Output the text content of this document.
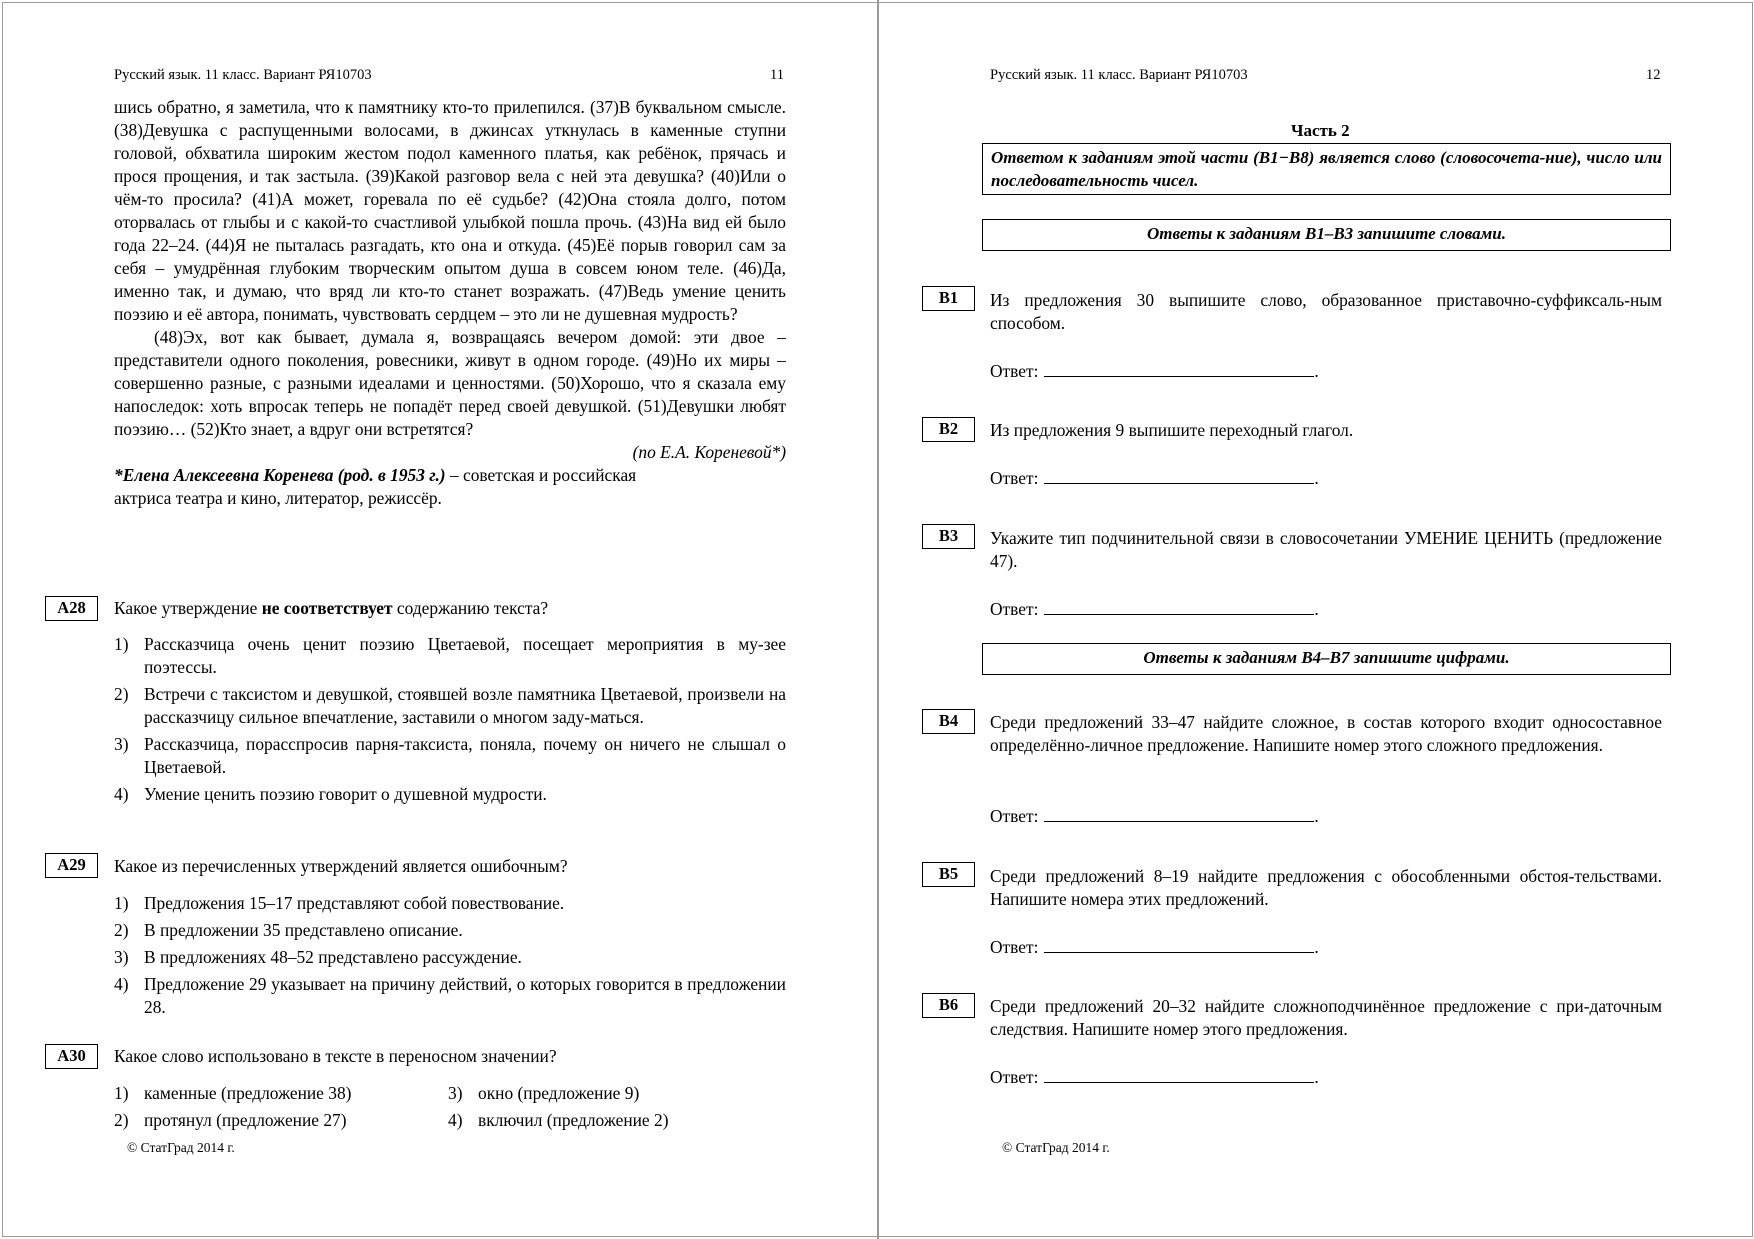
Русский язык. 11 класс. Вариант РЯ10703	11

шись обратно, я заметила, что к памятнику кто-то прилепился. (37)В буквальном смысле. (38)Девушка с распущенными волосами, в джинсах уткнулась в каменные ступни головой, обхватила широким жестом подол каменного платья, как ребёнок, прячась и прося прощения, и так застыла. (39)Какой разговор вела с ней эта девушка? (40)Или о чём-то просила? (41)А может, горевала по её судьбе? (42)Она стояла долго, потом оторвалась от глыбы и с какой-то счастливой улыбкой пошла прочь. (43)На вид ей было года 22–24. (44)Я не пыталась разгадать, кто она и откуда. (45)Её порыв говорил сам за себя – умудрённая глубоким творческим опытом душа в совсем юном теле. (46)Да, именно так, и думаю, что вряд ли кто-то станет возражать. (47)Ведь умение ценить поэзию и её автора, понимать, чувствовать сердцем – это ли не душевная мудрость?

(48)Эх, вот как бывает, думала я, возвращаясь вечером домой: эти двое – представители одного поколения, ровесники, живут в одном городе. (49)Но их миры – совершенно разные, с разными идеалами и ценностями. (50)Хорошо, что я сказала ему напоследок: хоть впросак теперь не попадёт перед своей девушкой. (51)Девушки любят поэзию… (52)Кто знает, а вдруг они встретятся?

(по Е.А. Кореневой*)

*Елена Алексеевна Коренева (род. в 1953 г.) – советская и российская
актриса театра и кино, литератор, режиссёр.

А28	Какое утверждение не соответствует содержанию текста?
1) Рассказчица очень ценит поэзию Цветаевой, посещает мероприятия в му-зее поэтессы.
2) Встречи с таксистом и девушкой, стоявшей возле памятника Цветаевой, произвели на рассказчицу сильное впечатление, заставили о многом заду-маться.
3) Рассказчица, порасспросив парня-таксиста, поняла, почему он ничего не слышал о Цветаевой.
4) Умение ценить поэзию говорит о душевной мудрости.
А29	Какое из перечисленных утверждений является ошибочным?
1) Предложения 15–17 представляют собой повествование.
2) В предложении 35 представлено описание.
3) В предложениях 48–52 представлено рассуждение.
4) Предложение 29 указывает на причину действий, о которых говорится в предложении 28.
А30	Какое слово использовано в тексте в переносном значении?
1) каменные (предложение 38)
2) протянул (предложение 27)
3) окно (предложение 9)
4) включил (предложение 2)
© СтатГрад 2014 г.
Русский язык. 11 класс. Вариант РЯ10703	12
Часть 2
Ответом к заданиям этой части (В1−В8) является слово (словосочета-ние), число или последовательность чисел.
Ответы к заданиям В1–В3 запишите словами.
Ответы к заданиям В4–В7 запишите цифрами.
В1	Из предложения 30 выпишите слово, образованное приставочно-суффиксаль-ным способом.
Ответ:	.
В2	Из предложения 9 выпишите переходный глагол.
Ответ:	.
В3	Укажите тип подчинительной связи в словосочетании УМЕНИЕ ЦЕНИТЬ (предложение 47).
Ответ:	.
В4	Среди предложений 33–47 найдите сложное, в состав которого входит односоставное определённо-личное предложение. Напишите номер этого сложного предложения.
Ответ:	.
В5	Среди предложений 8–19 найдите предложения с обособленными обстоя-тельствами. Напишите номера этих предложений.
Ответ:	.
В6	Среди предложений 20–32 найдите сложноподчинённое предложение с при-даточным следствия. Напишите номер этого предложения.
Ответ:	.
© СтатГрад 2014 г.
